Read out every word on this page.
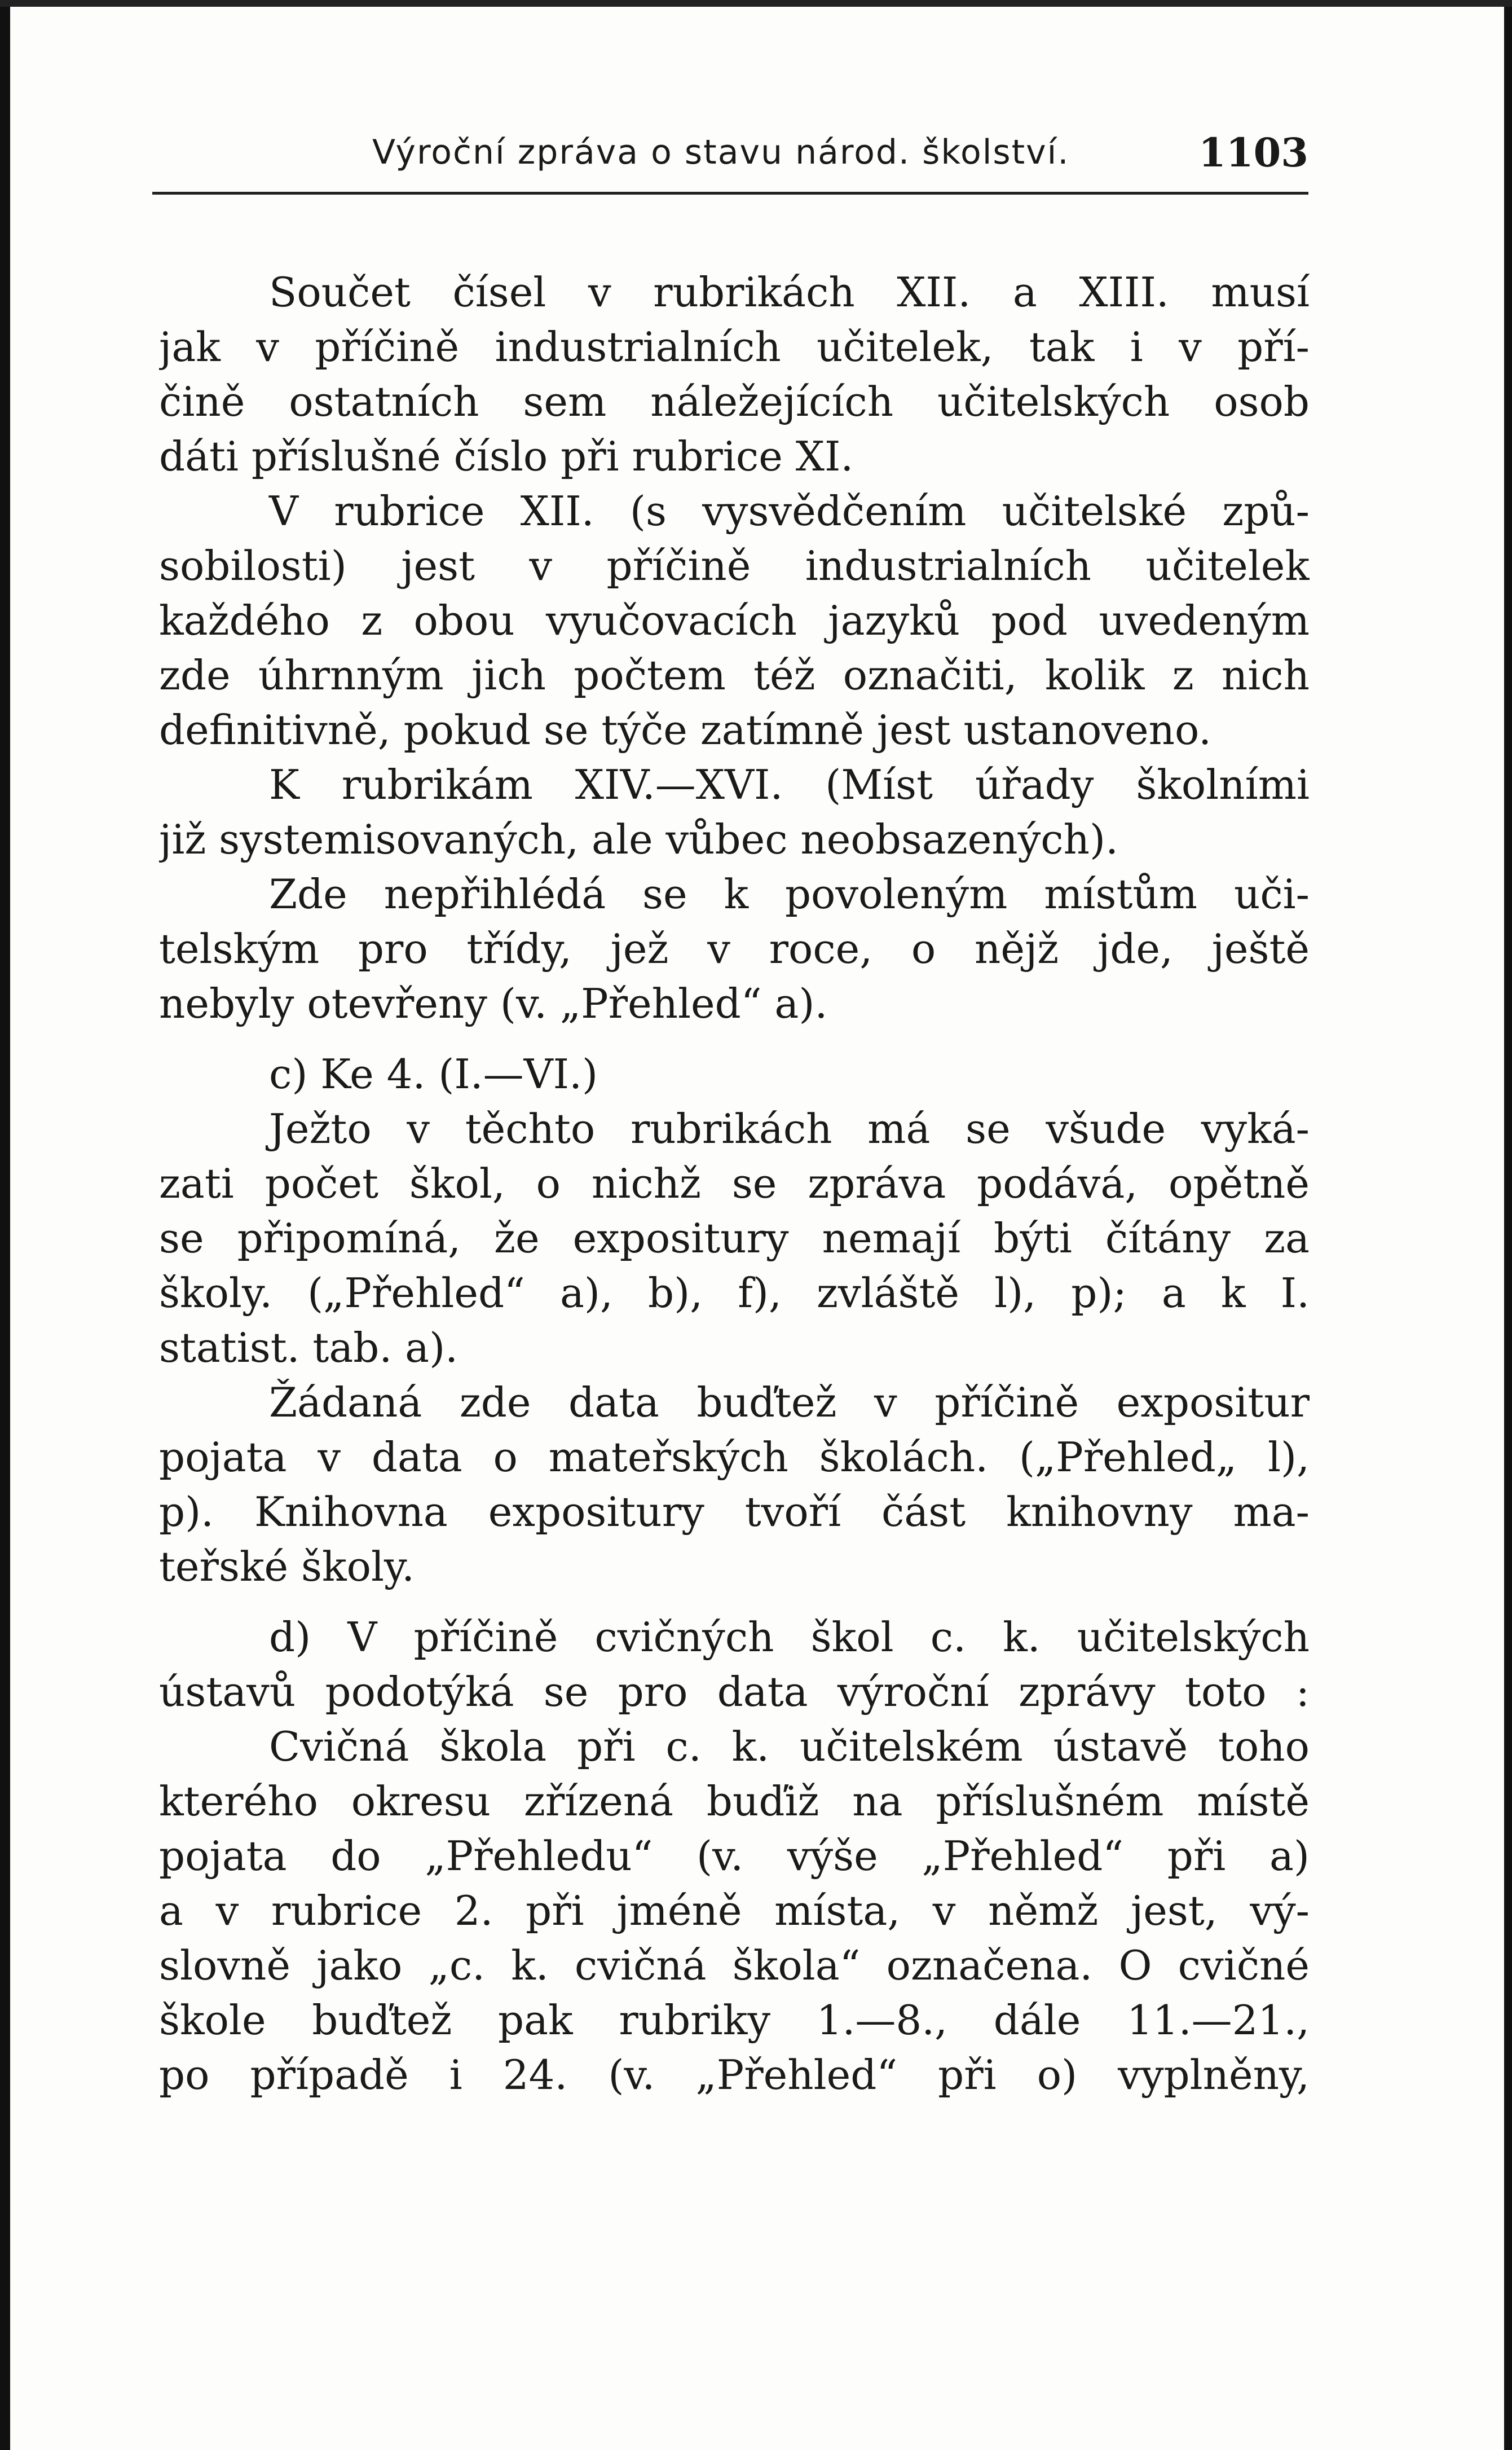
Výroční zpráva o stavu národ. školství.	1103
Součet čísel v rubrikách XII. a XIII. musí
jak v příčině industrialních učitelek, tak i v pří-
čině ostatních sem náležejících učitelských osob
dáti příslušné číslo při rubrice XI.
V rubrice XII. (s vysvědčením učitelské způ-
sobilosti) jest v příčině industrialních učitelek
každého z obou vyučovacích jazyků pod uvedeným
zde úhrnným jich počtem též označiti, kolik z nich
definitivně, pokud se týče zatímně jest ustanoveno.
K rubrikám XIV.—XVI. (Míst úřady školními
již systemisovaných, ale vůbec neobsazených).
Zde nepřihlédá se k povoleným místům uči-
telským pro třídy, jež v roce, o nějž jde, ještě
nebyly otevřeny (v. „Přehled“ a).
c) Ke 4. (I.—VI.)
Ježto v těchto rubrikách má se všude vyká-
zati počet škol, o nichž se zpráva podává, opětně
se připomíná, že expositury nemají býti čítány za
školy. („Přehled“ a), b), f), zvláště l), p); a k I.
statist. tab. a).
Žádaná zde data buďtež v příčině expositur
pojata v data o mateřských školách. („Přehled„ l),
p). Knihovna expositury tvoří část knihovny ma-
teřské školy.
d) V příčině cvičných škol c. k. učitelských
ústavů podotýká se pro data výroční zprávy toto :
Cvičná škola při c. k. učitelském ústavě toho
kterého okresu zřízená buďiž na příslušném místě
pojata do „Přehledu“ (v. výše „Přehled“ při a)
a v rubrice 2. při jméně místa, v němž jest, vý-
slovně jako „c. k. cvičná škola“ označena. O cvičné
škole buďtež pak rubriky 1.—8., dále 11.—21.,
po případě i 24. (v. „Přehled“ při o) vyplněny,
